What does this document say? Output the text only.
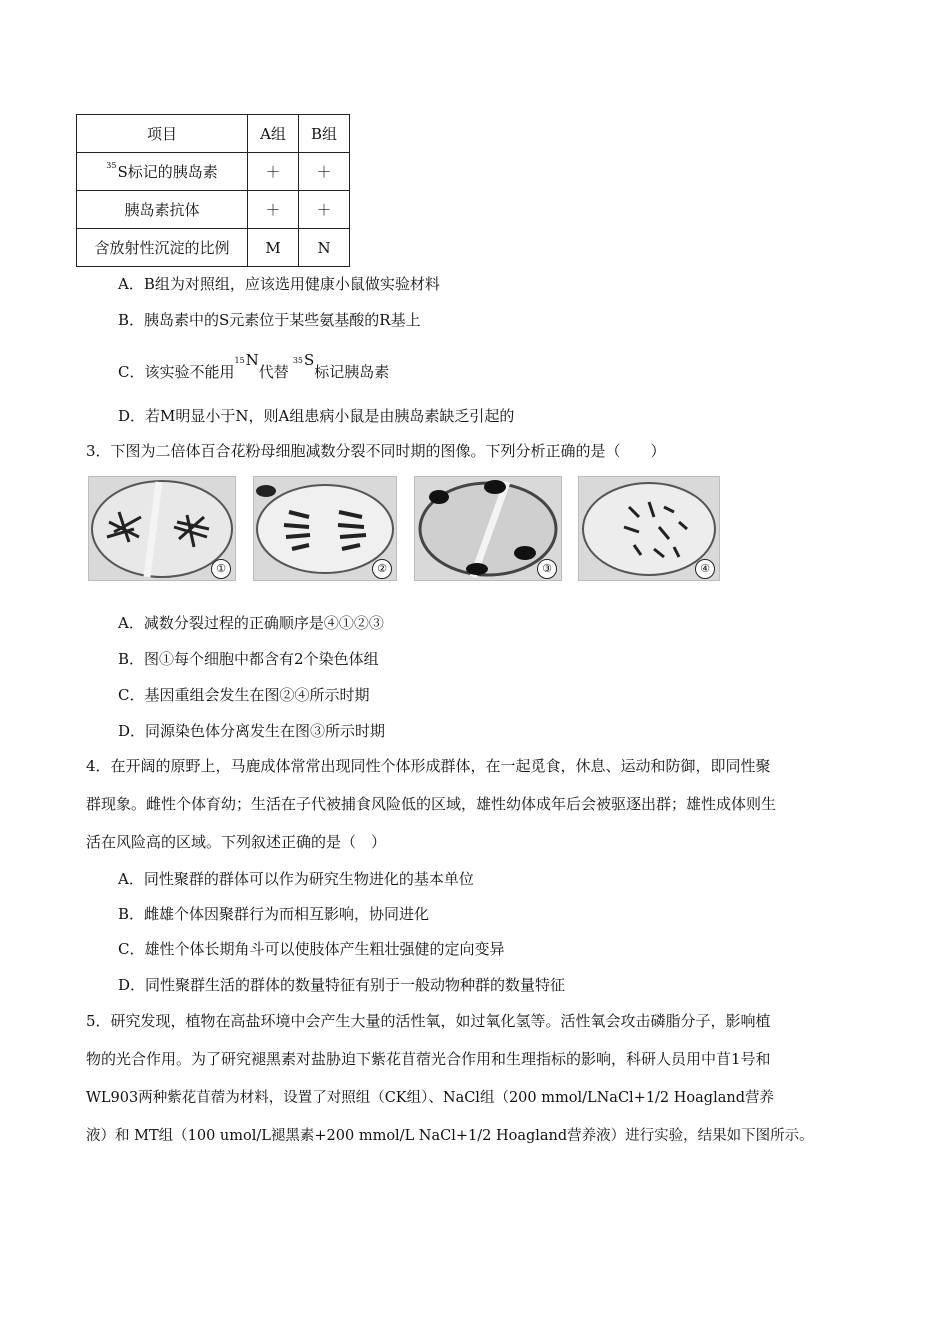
项目	A组	B组
$^{35}$S标记的胰岛素	＋	＋
胰岛素抗体	＋	＋
含放射性沉淀的比例	M	N
A．B组为对照组，应该选用健康小鼠做实验材料
B．胰岛素中的S元素位于某些氨基酸的R基上
C．该实验不能用$^{15}$N代替$^{35}$S标记胰岛素
D．若M明显小于N，则A组患病小鼠是由胰岛素缺乏引起的
3．下图为二倍体百合花粉母细胞减数分裂不同时期的图像。下列分析正确的是（　　）
①	②	③	④
A．减数分裂过程的正确顺序是④①②③
B．图①每个细胞中都含有2个染色体组
C．基因重组会发生在图②④所示时期
D．同源染色体分离发生在图③所示时期
4．在开阔的原野上，马鹿成体常常出现同性个体形成群体，在一起觅食，休息、运动和防御，即同性聚
群现象。雌性个体育幼；生活在子代被捕食风险低的区域，雄性幼体成年后会被驱逐出群；雄性成体则生
活在风险高的区域。下列叙述正确的是（　）
A．同性聚群的群体可以作为研究生物进化的基本单位
B．雌雄个体因聚群行为而相互影响，协同进化
C．雄性个体长期角斗可以使肢体产生粗壮强健的定向变异
D．同性聚群生活的群体的数量特征有别于一般动物种群的数量特征
5．研究发现，植物在高盐环境中会产生大量的活性氧，如过氧化氢等。活性氧会攻击磷脂分子，影响植
物的光合作用。为了研究褪黑素对盐胁迫下紫花苜蓿光合作用和生理指标的影响，科研人员用中苜1号和
WL903两种紫花苜蓿为材料，设置了对照组（CK组）、NaCl组（200 mmol/LNaCl+1/2 Hoagland营养
液）和 MT组（100 umol/L褪黑素+200 mmol/L NaCl+1/2 Hoagland营养液）进行实验，结果如下图所示。
